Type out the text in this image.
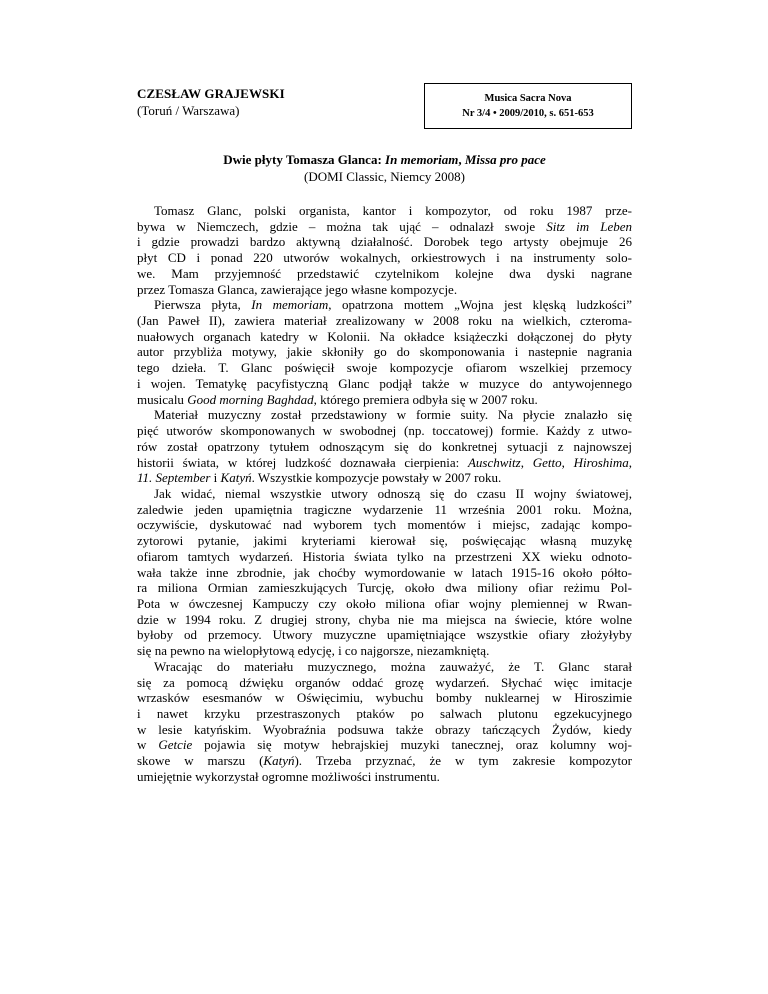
CZESŁAW GRAJEWSKI
(Toruń / Warszawa)
Musica Sacra Nova
Nr 3/4 • 2009/2010, s. 651-653
Dwie płyty Tomasza Glanca: In memoriam, Missa pro pace
(DOMI Classic, Niemcy 2008)
Tomasz Glanc, polski organista, kantor i kompozytor, od roku 1987 prze-
bywa w Niemczech, gdzie – można tak ująć – odnalazł swoje Sitz im Leben
i gdzie prowadzi bardzo aktywną działalność. Dorobek tego artysty obejmuje 26
płyt CD i ponad 220 utworów wokalnych, orkiestrowych i na instrumenty solo-
we. Mam przyjemność przedstawić czytelnikom kolejne dwa dyski nagrane
przez Tomasza Glanca, zawierające jego własne kompozycje.
Pierwsza płyta, In memoriam, opatrzona mottem „Wojna jest klęską ludzkości”
(Jan Paweł II), zawiera materiał zrealizowany w 2008 roku na wielkich, czteroma-
nuałowych organach katedry w Kolonii. Na okładce książeczki dołączonej do płyty
autor przybliża motywy, jakie skłoniły go do skomponowania i nastepnie nagrania
tego dzieła. T. Glanc poświęcił swoje kompozycje ofiarom wszelkiej przemocy
i wojen. Tematykę pacyfistyczną Glanc podjął także w muzyce do antywojennego
musicalu Good morning Baghdad, którego premiera odbyła się w 2007 roku.
Materiał muzyczny został przedstawiony w formie suity. Na płycie znalazło się
pięć utworów skomponowanych w swobodnej (np. toccatowej) formie. Każdy z utwo-
rów został opatrzony tytułem odnoszącym się do konkretnej sytuacji z najnowszej
historii świata, w której ludzkość doznawała cierpienia: Auschwitz, Getto, Hiroshima,
11. September i Katyń. Wszystkie kompozycje powstały w 2007 roku.
Jak widać, niemal wszystkie utwory odnoszą się do czasu II wojny światowej,
zaledwie jeden upamiętnia tragiczne wydarzenie 11 września 2001 roku. Można,
oczywiście, dyskutować nad wyborem tych momentów i miejsc, zadając kompo-
zytorowi pytanie, jakimi kryteriami kierował się, poświęcając własną muzykę
ofiarom tamtych wydarzeń. Historia świata tylko na przestrzeni XX wieku odnoto-
wała także inne zbrodnie, jak choćby wymordowanie w latach 1915-16 około półto-
ra miliona Ormian zamieszkujących Turcję, około dwa miliony ofiar reżimu Pol-
Pota w ówczesnej Kampuczy czy około miliona ofiar wojny plemiennej w Rwan-
dzie w 1994 roku. Z drugiej strony, chyba nie ma miejsca na świecie, które wolne
byłoby od przemocy. Utwory muzyczne upamiętniające wszystkie ofiary złożyłyby
się na pewno na wielopłytową edycję, i co najgorsze, niezamkniętą.
Wracając do materiału muzycznego, można zauważyć, że T. Glanc starał
się za pomocą dźwięku organów oddać grozę wydarzeń. Słychać więc imitacje
wrzasków esesmanów w Oświęcimiu, wybuchu bomby nuklearnej w Hiroszimie
i nawet krzyku przestraszonych ptaków po salwach plutonu egzekucyjnego
w lesie katyńskim. Wyobraźnia podsuwa także obrazy tańczących Żydów, kiedy
w Getcie pojawia się motyw hebrajskiej muzyki tanecznej, oraz kolumny woj-
skowe w marszu (Katyń). Trzeba przyznać, że w tym zakresie kompozytor
umiejętnie wykorzystał ogromne możliwości instrumentu.
